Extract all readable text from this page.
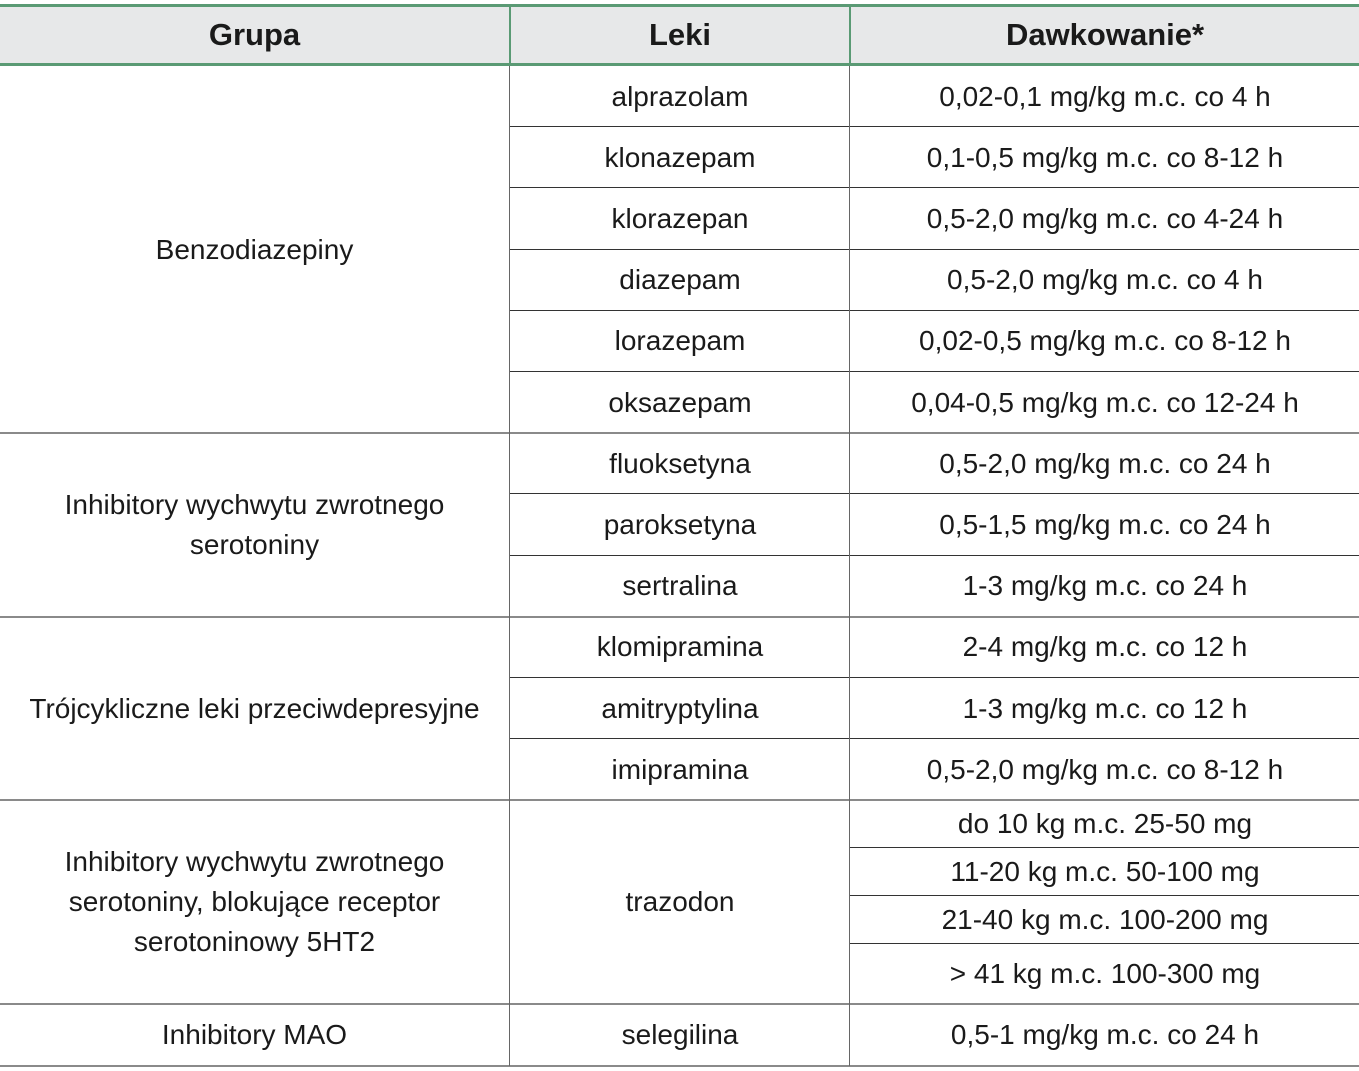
Grupa	Leki	Dawkowanie*
0,02-0,1 mg/kg m.c. co 4 h
alprazolam
0,1-0,5 mg/kg m.c. co 8-12 h
klonazepam
0,5-2,0 mg/kg m.c. co 4-24 h
klorazepan
0,5-2,0 mg/kg m.c. co 4 h
diazepam
0,02-0,5 mg/kg m.c. co 8-12 h
lorazepam
0,04-0,5 mg/kg m.c. co 12-24 h
oksazepam
Benzodiazepiny
0,5-2,0 mg/kg m.c. co 24 h
fluoksetyna
0,5-1,5 mg/kg m.c. co 24 h
paroksetyna
1-3 mg/kg m.c. co 24 h
sertralina
Inhibitory wychwytu zwrotnego serotoniny
2-4 mg/kg m.c. co 12 h
klomipramina
1-3 mg/kg m.c. co 12 h
amitryptylina
0,5-2,0 mg/kg m.c. co 8-12 h
imipramina
Trójcykliczne leki przeciwdepresyjne
do 10 kg m.c. 25-50 mg
11-20 kg m.c. 50-100 mg
21-40 kg m.c. 100-200 mg
> 41 kg m.c. 100-300 mg
trazodon
Inhibitory wychwytu zwrotnego serotoniny, blokujące receptor serotoninowy 5HT2
0,5-1 mg/kg m.c. co 24 h
selegilina
Inhibitory MAO
